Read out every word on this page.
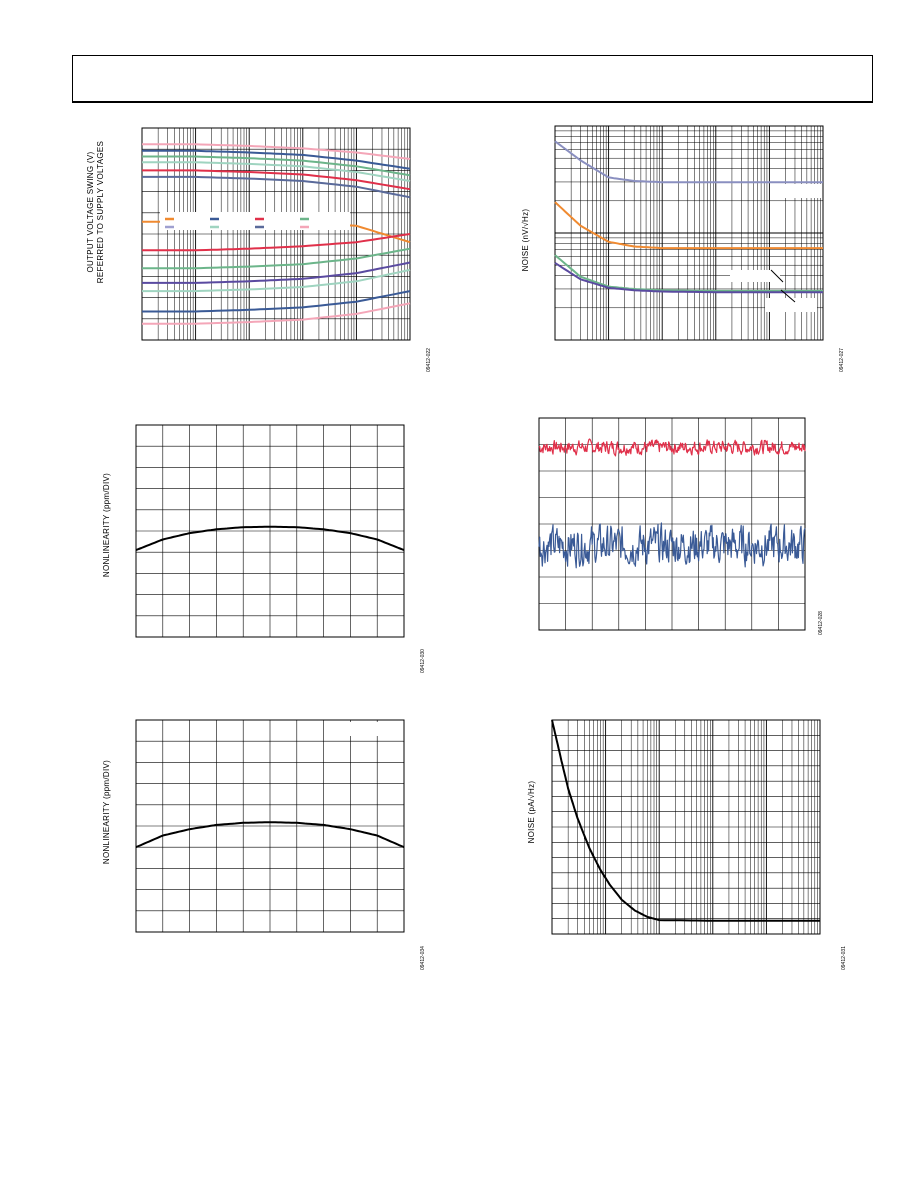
OUTPUT VOLTAGE SWING (V) REFERRED TO SUPPLY VOLTAGES
09412-022
NOISE (nV/√Hz)
09412-027
NONLINEARITY (ppm/DIV)
09412-030
09412-028
NONLINEARITY (ppm/DIV)
09412-034
NOISE (pA/√Hz)
09412-031
